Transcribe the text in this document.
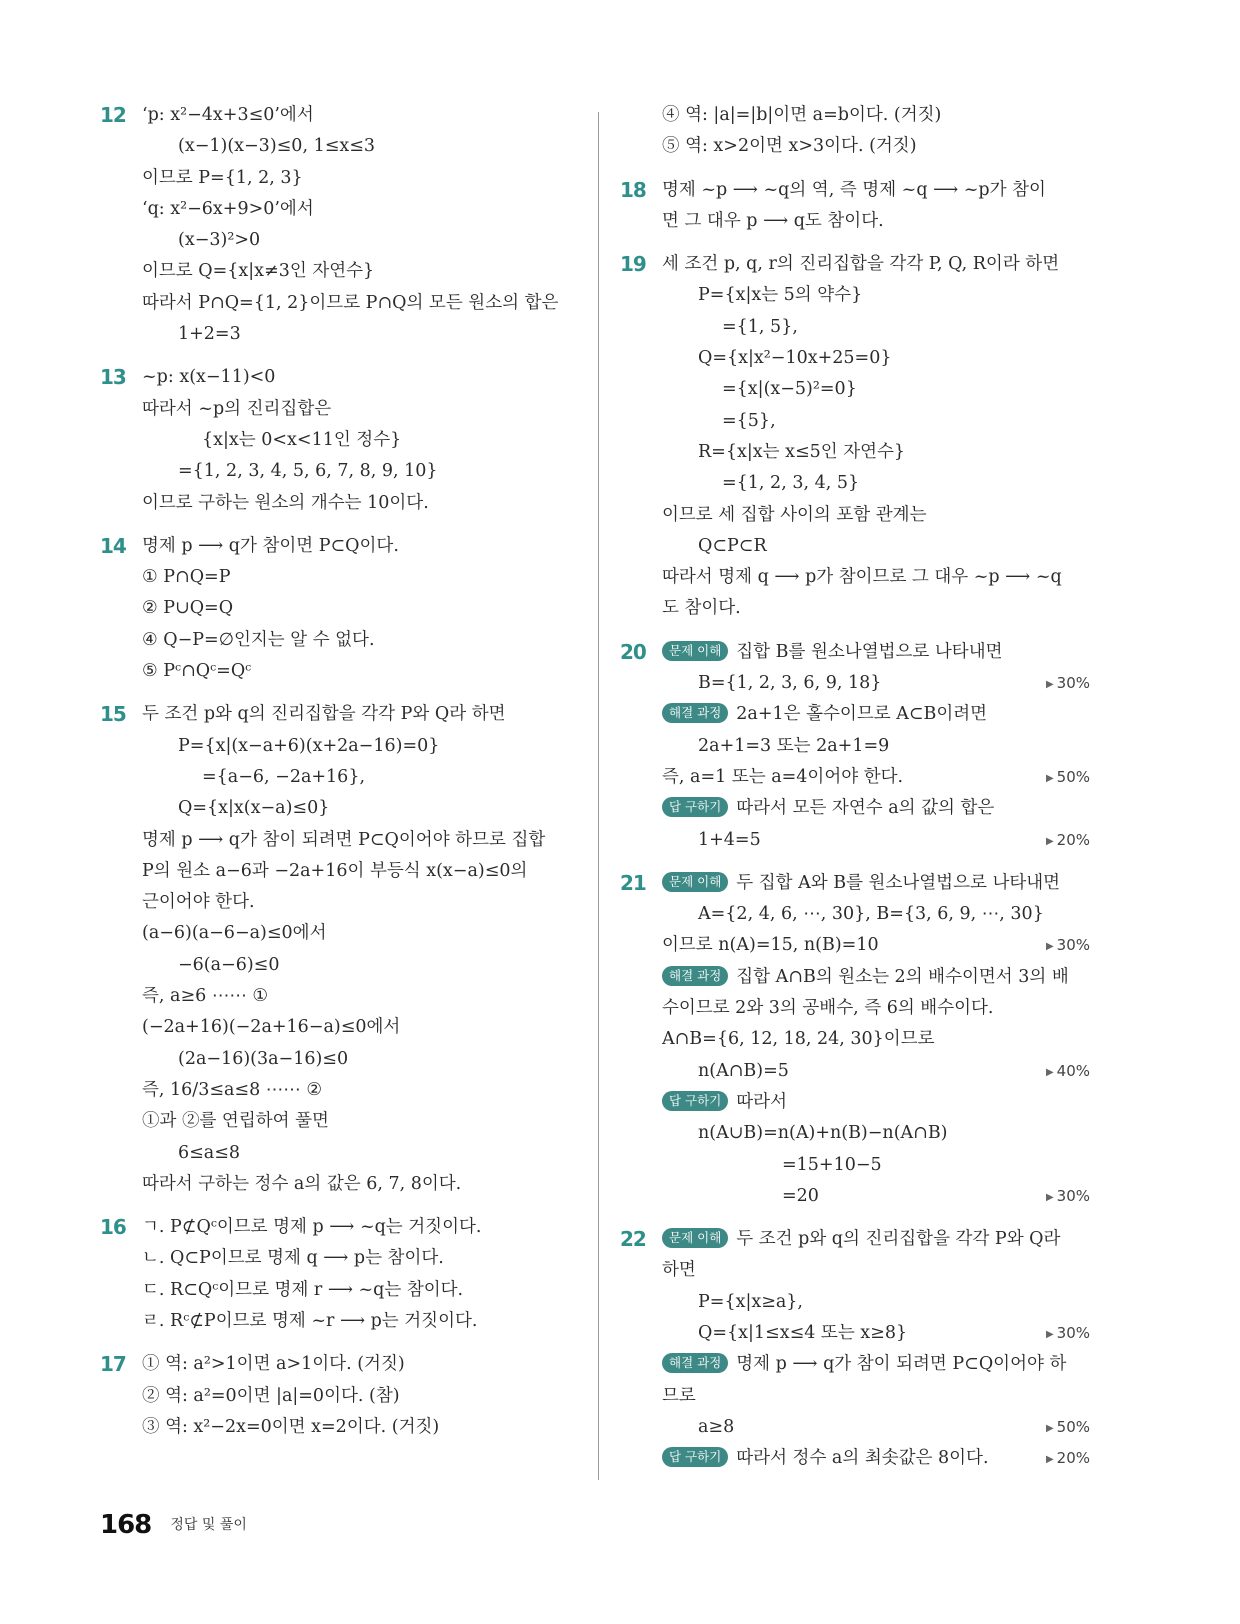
12 ‘p: x²−4x+3≤0’에서
(x−1)(x−3)≤0, 1≤x≤3
이므로 P={1, 2, 3}
‘q: x²−6x+9>0’에서
(x−3)²>0
이므로 Q={x|x≠3인 자연수}
따라서 P∩Q={1, 2}이므로 P∩Q의 모든 원소의 합은
1+2=3
13 ~p: x(x−11)<0
따라서 ~p의 진리집합은
{x|x는 0<x<11인 정수}
={1, 2, 3, 4, 5, 6, 7, 8, 9, 10}
이므로 구하는 원소의 개수는 10이다.
14 명제 p ⟶ q가 참이면 P⊂Q이다.
① P∩Q=P
② P∪Q=Q
④ Q−P=∅인지는 알 수 없다.
⑤ Pᶜ∩Qᶜ=Qᶜ
15 두 조건 p와 q의 진리집합을 각각 P와 Q라 하면
P={x|(x−a+6)(x+2a−16)=0}
={a−6, −2a+16},
Q={x|x(x−a)≤0}
명제 p ⟶ q가 참이 되려면 P⊂Q이어야 하므로 집합
P의 원소 a−6과 −2a+16이 부등식 x(x−a)≤0의
근이어야 한다.
(a−6)(a−6−a)≤0에서
−6(a−6)≤0
즉, a≥6 ⋯⋯ ①
(−2a+16)(−2a+16−a)≤0에서
(2a−16)(3a−16)≤0
즉, 16/3≤a≤8 ⋯⋯ ②
①과 ②를 연립하여 풀면
6≤a≤8
따라서 구하는 정수 a의 값은 6, 7, 8이다.
16 ㄱ. P⊄Qᶜ이므로 명제 p ⟶ ~q는 거짓이다.
ㄴ. Q⊂P이므로 명제 q ⟶ p는 참이다.
ㄷ. R⊂Qᶜ이므로 명제 r ⟶ ~q는 참이다.
ㄹ. Rᶜ⊄P이므로 명제 ~r ⟶ p는 거짓이다.
17 ① 역: a²>1이면 a>1이다. (거짓)
② 역: a²=0이면 |a|=0이다. (참)
③ 역: x²−2x=0이면 x=2이다. (거짓)
④ 역: |a|=|b|이면 a=b이다. (거짓)
⑤ 역: x>2이면 x>3이다. (거짓)
18 명제 ~p ⟶ ~q의 역, 즉 명제 ~q ⟶ ~p가 참이
면 그 대우 p ⟶ q도 참이다.
19 세 조건 p, q, r의 진리집합을 각각 P, Q, R이라 하면
P={x|x는 5의 약수}
={1, 5},
Q={x|x²−10x+25=0}
={x|(x−5)²=0}
={5},
R={x|x는 x≤5인 자연수}
={1, 2, 3, 4, 5}
이므로 세 집합 사이의 포함 관계는
Q⊂P⊂R
따라서 명제 q ⟶ p가 참이므로 그 대우 ~p ⟶ ~q
도 참이다.
20	문제 이해 집합 B를 원소나열법으로 나타내면
B={1, 2, 3, 6, 9, 18}	▶ 30%
해결 과정 2a+1은 홀수이므로 A⊂B이려면
2a+1=3 또는 2a+1=9
즉, a=1 또는 a=4이어야 한다.	▶ 50%
답 구하기 따라서 모든 자연수 a의 값의 합은
1+4=5	▶ 20%
21	문제 이해 두 집합 A와 B를 원소나열법으로 나타내면
A={2, 4, 6, ⋯, 30}, B={3, 6, 9, ⋯, 30}
이므로 n(A)=15, n(B)=10	▶ 30%
해결 과정 집합 A∩B의 원소는 2의 배수이면서 3의 배
수이므로 2와 3의 공배수, 즉 6의 배수이다.
A∩B={6, 12, 18, 24, 30}이므로
n(A∩B)=5	▶ 40%
답 구하기 따라서
n(A∪B)=n(A)+n(B)−n(A∩B)
=15+10−5
=20	▶ 30%
22	문제 이해 두 조건 p와 q의 진리집합을 각각 P와 Q라
하면
P={x|x≥a},
Q={x|1≤x≤4 또는 x≥8}	▶ 30%
해결 과정 명제 p ⟶ q가 참이 되려면 P⊂Q이어야 하
므로
a≥8	▶ 50%
답 구하기 따라서 정수 a의 최솟값은 8이다.	▶ 20%
168 정답 및 풀이
